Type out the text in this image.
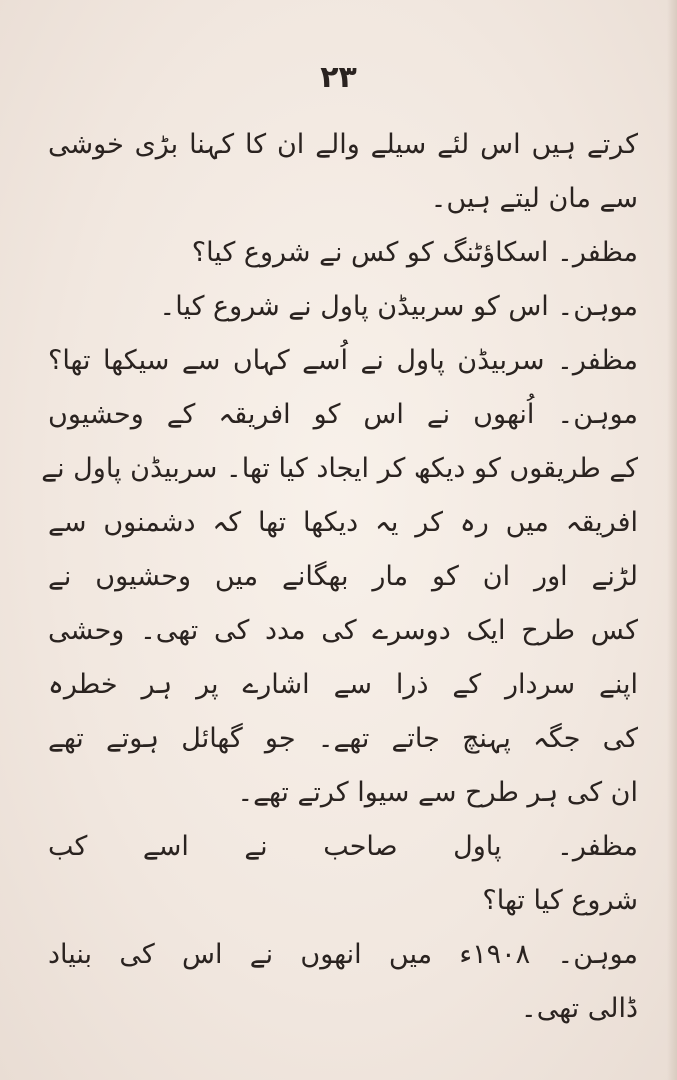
۲۳
کرتے ہیں اس لئے سیلے والے ان کا کہنا بڑی خوشی
سے مان لیتے ہیں۔
مظفر۔ اسکاؤٹنگ کو کس نے شروع کیا؟
موہن۔ اس کو سربیڈن پاول نے شروع کیا۔
مظفر۔ سربیڈن پاول نے اُسے کہاں سے سیکھا تھا؟
موہن۔ اُنھوں نے اس کو افریقہ کے وحشیوں
کے طریقوں کو دیکھ کر ایجاد کیا تھا۔ سربیڈن پاول نے
افریقہ میں رہ کر یہ دیکھا تھا کہ دشمنوں سے
لڑنے اور ان کو مار بھگانے میں وحشیوں نے
کس طرح ایک دوسرے کی مدد کی تھی۔ وحشی
اپنے سردار کے ذرا سے اشارے پر ہر خطرہ
کی جگہ پہنچ جاتے تھے۔ جو گھائل ہوتے تھے
ان کی ہر طرح سے سیوا کرتے تھے۔
مظفر۔ پاول صاحب نے اسے کب
شروع کیا تھا؟
موہن۔ ۱۹۰۸ء میں انھوں نے اس کی بنیاد
ڈالی تھی۔
